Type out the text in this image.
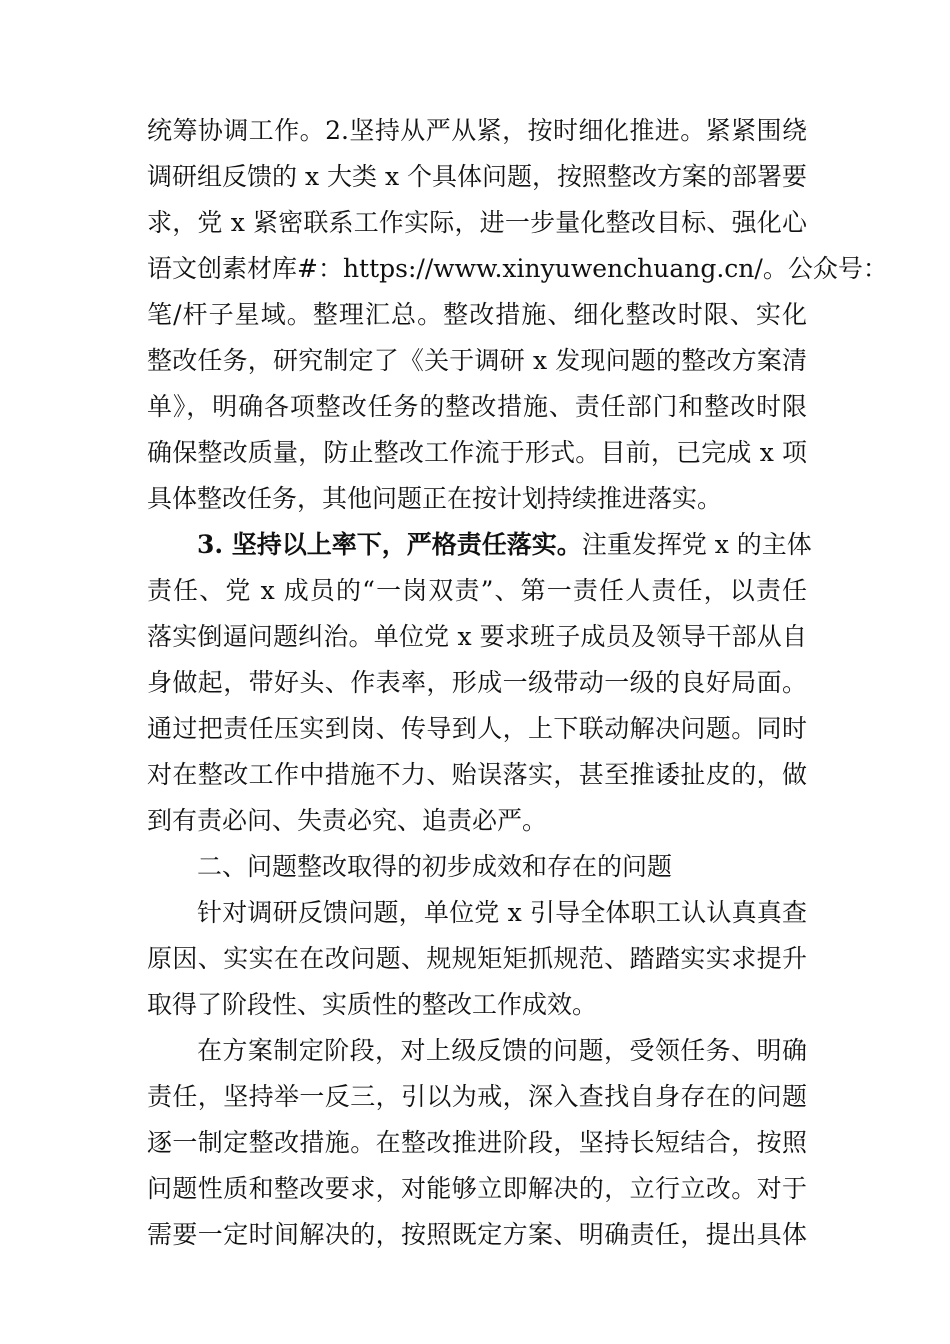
统筹协调工作。2.坚持从严从紧，按时细化推进。紧紧围绕
调研组反馈的 x 大类 x 个具体问题，按照整改方案的部署要
求，党 x 紧密联系工作实际，进一步量化整改目标、强化心
语文创素材库#：https://www.xinyuwenchuang.cn/。公众号：
笔/杆子星域。整理汇总。整改措施、细化整改时限、实化
整改任务，研究制定了《关于调研 x 发现问题的整改方案清
单》，明确各项整改任务的整改措施、责任部门和整改时限
确保整改质量，防止整改工作流于形式。目前，已完成 x 项
具体整改任务，其他问题正在按计划持续推进落实。
3. 坚持以上率下，严格责任落实。注重发挥党 x 的主体
责任、党 x 成员的“一岗双责”、第一责任人责任，以责任
落实倒逼问题纠治。单位党 x 要求班子成员及领导干部从自
身做起，带好头、作表率，形成一级带动一级的良好局面。
通过把责任压实到岗、传导到人，上下联动解决问题。同时
对在整改工作中措施不力、贻误落实，甚至推诿扯皮的，做
到有责必问、失责必究、追责必严。
二、问题整改取得的初步成效和存在的问题
针对调研反馈问题，单位党 x 引导全体职工认认真真查
原因、实实在在改问题、规规矩矩抓规范、踏踏实实求提升
取得了阶段性、实质性的整改工作成效。
在方案制定阶段，对上级反馈的问题，受领任务、明确
责任，坚持举一反三，引以为戒，深入查找自身存在的问题
逐一制定整改措施。在整改推进阶段，坚持长短结合，按照
问题性质和整改要求，对能够立即解决的，立行立改。对于
需要一定时间解决的，按照既定方案、明确责任，提出具体
